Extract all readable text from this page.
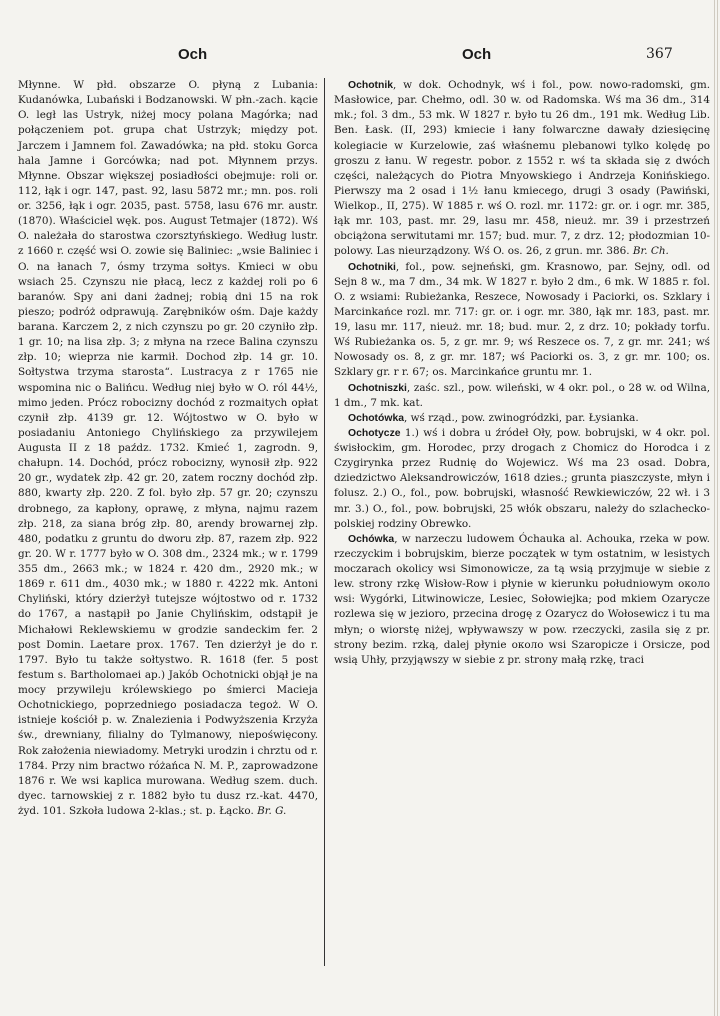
Och	Och	367

Młynne. W płd. obszarze O. płyną z Lubania: Kudanówka, Lubański i Bodzanowski. W płn.-zach. kącie O. legł las Ustryk, niżej mocy polana Magórka; nad połączeniem pot. grupa chat Ustrzyk; między pot. Jarczem i Jamnem fol. Zawadówka; na płd. stoku Gorca hala Jamne i Gorcówka; nad pot. Młynnem przys. Młynne. Obszar większej posiadłości obejmuje: roli or. 112, łąk i ogr. 147, past. 92, lasu 5872 mr.; mn. pos. roli or. 3256, łąk i ogr. 2035, past. 5758, lasu 676 mr. austr. (1870). Właściciel węk. pos. August Tetmajer (1872). Wś O. należała do starostwa czorsztyńskiego. Według lustr. z 1660 r. część wsi O. zowie się Baliniec: „wsie Baliniec i O. na łanach 7, ósmy trzyma sołtys. Kmieci w obu wsiach 25. Czynszu nie płacą, lecz z każdej roli po 6 baranów. Spy ani dani żadnej; robią dni 15 na rok pieszo; podróż odprawują. Zarębników ośm. Daje każdy barana. Karczem 2, z nich czynszu po gr. 20 czyniło złp. 1 gr. 10; na lisa złp. 3; z młyna na rzece Balina czynszu złp. 10; wieprza nie karmił. Dochod złp. 14 gr. 10. Sołtystwa trzyma starosta“. Lustracya z r 1765 nie wspomina nic o Balińcu. Według niej było w O. ról 44½, mimo jeden. Prócz robocizny dochód z rozmaitych opłat czynił złp. 4139 gr. 12. Wójtostwo w O. było w posiadaniu Antoniego Chylińskiego za przywilejem Augusta II z 18 paźdz. 1732. Kmieć 1, zagrodn. 9, chałupn. 14. Dochód, prócz robocizny, wynosił złp. 922 20 gr., wydatek złp. 42 gr. 20, zatem roczny dochód złp. 880, kwarty złp. 220. Z fol. było złp. 57 gr. 20; czynszu drobnego, za kapłony, oprawę, z młyna, najmu razem złp. 218, za siana bróg złp. 80, arendy browarnej złp. 480, podatku z gruntu do dworu złp. 87, razem złp. 922 gr. 20. W r. 1777 było w O. 308 dm., 2324 mk.; w r. 1799 355 dm., 2663 mk.; w 1824 r. 420 dm., 2920 mk.; w 1869 r. 611 dm., 4030 mk.; w 1880 r. 4222 mk. Antoni Chyliński, który dzierżył tutejsze wójtostwo od r. 1732 do 1767, a nastąpił po Janie Chylińskim, odstąpił je Michałowi Reklewskiemu w grodzie sandeckim fer. 2 post Domin. Laetare prox. 1767. Ten dzierżył je do r. 1797. Było tu także sołtystwo. R. 1618 (fer. 5 post festum s. Bartholomaei ap.) Jakób Ochotnicki objął je na mocy przywileju królewskiego po śmierci Macieja Ochotnickiego, poprzedniego posiadacza tegoż. W O. istnieje kościół p. w. Znalezienia i Podwyższenia Krzyża św., drewniany, filialny do Tylmanowy, niepoświęcony. Rok założenia niewiadomy. Metryki urodzin i chrztu od r. 1784. Przy nim bractwo różańca N. M. P., zaprowadzone 1876 r. We wsi kaplica murowana. Według szem. duch. dyec. tarnowskiej z r. 1882 było tu dusz rz.-kat. 4470, żyd. 101. Szkoła ludowa 2-klas.; st. p. Łącko. Br. G.

Ochotnik, w dok. Ochodnyk, wś i fol., pow. nowo-radomski, gm. Masłowice, par. Chełmo, odl. 30 w. od Radomska. Wś ma 36 dm., 314 mk.; fol. 3 dm., 53 mk. W 1827 r. było tu 26 dm., 191 mk. Według Lib. Ben. Łask. (II, 293) kmiecie i łany folwarczne dawały dziesięcinę kolegiacie w Kurzelowie, zaś właśnemu plebanowi tylko kolędę po groszu z łanu. W regestr. pobor. z 1552 r. wś ta składa się z dwóch części, należących do Piotra Mnyowskiego i Andrzeja Konińskiego. Pierwszy ma 2 osad i 1½ łanu kmiecego, drugi 3 osady (Pawiński, Wielkop., II, 275). W 1885 r. wś O. rozl. mr. 1172: gr. or. i ogr. mr. 385, łąk mr. 103, past. mr. 29, lasu mr. 458, nieuż. mr. 39 i przestrzeń obciążona serwitutami mr. 157; bud. mur. 7, z drz. 12; płodozmian 10-polowy. Las nieurządzony. Wś O. os. 26, z grun. mr. 386. Br. Ch.

Ochotniki, fol., pow. sejneński, gm. Krasnowo, par. Sejny, odl. od Sejn 8 w., ma 7 dm., 34 mk. W 1827 r. było 2 dm., 6 mk. W 1885 r. fol. O. z wsiami: Rubieżanka, Reszece, Nowosady i Paciorki, os. Szklary i Marcinkańce rozl. mr. 717: gr. or. i ogr. mr. 380, łąk mr. 183, past. mr. 19, lasu mr. 117, nieuż. mr. 18; bud. mur. 2, z drz. 10; pokłady torfu. Wś Rubieżanka os. 5, z gr. mr. 9; wś Reszece os. 7, z gr. mr. 241; wś Nowosady os. 8, z gr. mr. 187; wś Paciorki os. 3, z gr. mr. 100; os. Szklary gr. r r. 67; os. Marcinkańce gruntu mr. 1.

Ochotniszki, zaśc. szl., pow. wileński, w 4 okr. pol., o 28 w. od Wilna, 1 dm., 7 mk. kat.

Ochotówka, wś rząd., pow. zwinogródzki, par. Łysianka.

Ochotycze 1.) wś i dobra u źródeł Oły, pow. bobrujski, w 4 okr. pol. świsłockim, gm. Horodec, przy drogach z Chomicz do Horodca i z Czygirynka przez Rudnię do Wojewicz. Wś ma 23 osad. Dobra, dziedzictwo Aleksandrowiczów, 1618 dzies.; grunta piaszczyste, młyn i folusz. 2.) O., fol., pow. bobrujski, własność Rewkiewiczów, 22 wł. i 3 mr. 3.) O., fol., pow. bobrujski, 25 włók obszaru, należy do szlachecko-polskiej rodziny Obrewko.

Ochówka, w narzeczu ludowem Óchauka al. Achouka, rzeka w pow. rzeczyckim i bobrujskim, bierze początek w tym ostatnim, w lesistych moczarach okolicy wsi Simonowicze, za tą wsią przyjmuje w siebie z lew. strony rzkę Wisłow-Row i płynie w kierunku południowym около wsi: Wygórki, Litwinowicze, Lesiec, Sołowiejka; pod mkiem Ozarycze rozlewa się w jezioro, przecina drogę z Ozarycz do Wołosewicz i tu ma młyn; o wiorstę niżej, wpływawszy w pow. rzeczycki, zasila się z pr. strony bezim. rzką, dalej płynie около wsi Szaropicze i Orsicze, pod wsią Uhły, przyjąwszy w siebie z pr. strony małą rzkę, traci
